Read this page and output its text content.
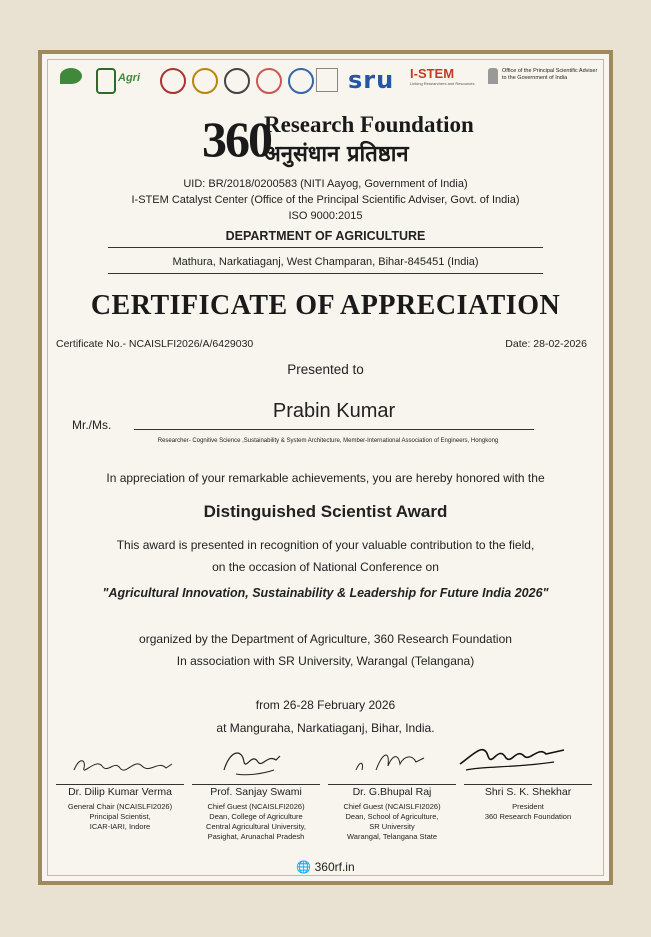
Agri	sru I-STEM
Linking Researchers and Resources
Office of the Principal Scientific Adviser to the Government of India
360
Research Foundation
अनुसंधान प्रतिष्ठान
UID: BR/2018/0200583 (NITI Aayog, Government of India)
I-STEM Catalyst Center (Office of the Principal Scientific Adviser, Govt. of India)
ISO 9000:2015
DEPARTMENT OF AGRICULTURE
Mathura, Narkatiaganj, West Champaran, Bihar-845451 (India)
CERTIFICATE OF APPRECIATION
Certificate No.- NCAISLFI2026/A/6429030	Date: 28-02-2026
Presented to
Mr./Ms.
Prabin Kumar
Researcher- Cognitive Science ,Sustainability & System Architecture, Member-International Association of Engineers, Hongkong
In appreciation of your remarkable achievements, you are hereby honored with the
Distinguished Scientist Award
This award is presented in recognition of your valuable contribution to the field,
on the occasion of National Conference on
"Agricultural Innovation, Sustainability & Leadership for Future India 2026"
organized by the Department of Agriculture, 360 Research Foundation
In association with SR University, Warangal (Telangana)
from 26-28 February 2026
at Manguraha, Narkatiaganj, Bihar, India.
Dr. Dilip Kumar Verma
General Chair (NCAISLFI2026)
Principal Scientist,
ICAR-IARI, Indore
Prof. Sanjay Swami
Chief Guest (NCAISLFI2026)
Dean, College of Agriculture
Central Agricultural University,
Pasighat, Arunachal Pradesh
Dr. G.Bhupal Raj
Chief Guest (NCAISLFI2026)
Dean, School of Agriculture,
SR University
Warangal, Telangana State
Shri S. K. Shekhar
President
360 Research Foundation
🌐 360rf.in
